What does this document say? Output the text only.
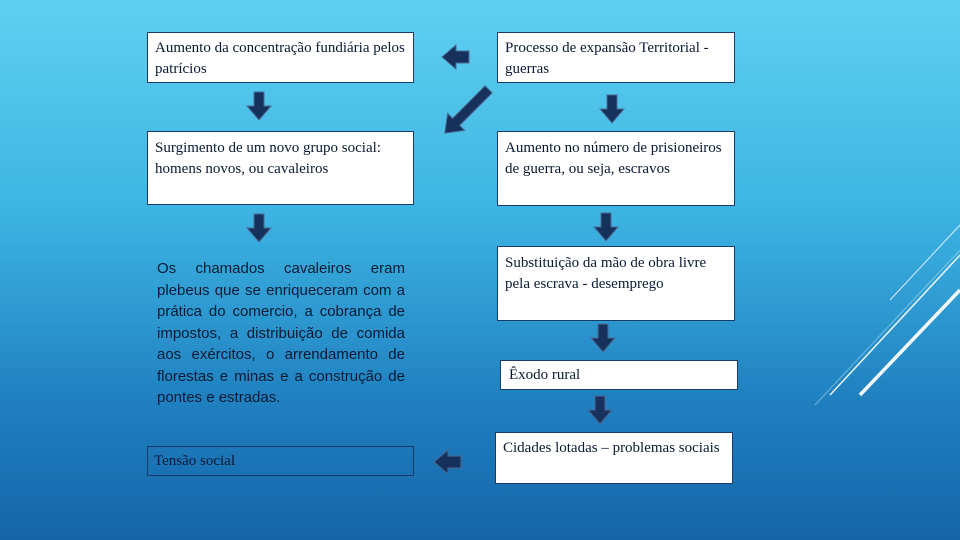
Aumento da concentração fundiária pelos patrícios
Surgimento de um novo grupo social: homens novos, ou cavaleiros
Os chamados cavaleiros eram plebeus que se enriqueceram com a prática do comercio, a cobrança de impostos, a distribuição de comida aos exércitos, o arrendamento de florestas e minas e a construção de pontes e estradas.
Tensão social
Processo de expansão Territorial - guerras
Aumento no número de prisioneiros de guerra, ou seja, escravos
Substituição da mão de obra livre pela escrava - desemprego
Êxodo rural
Cidades lotadas – problemas sociais
